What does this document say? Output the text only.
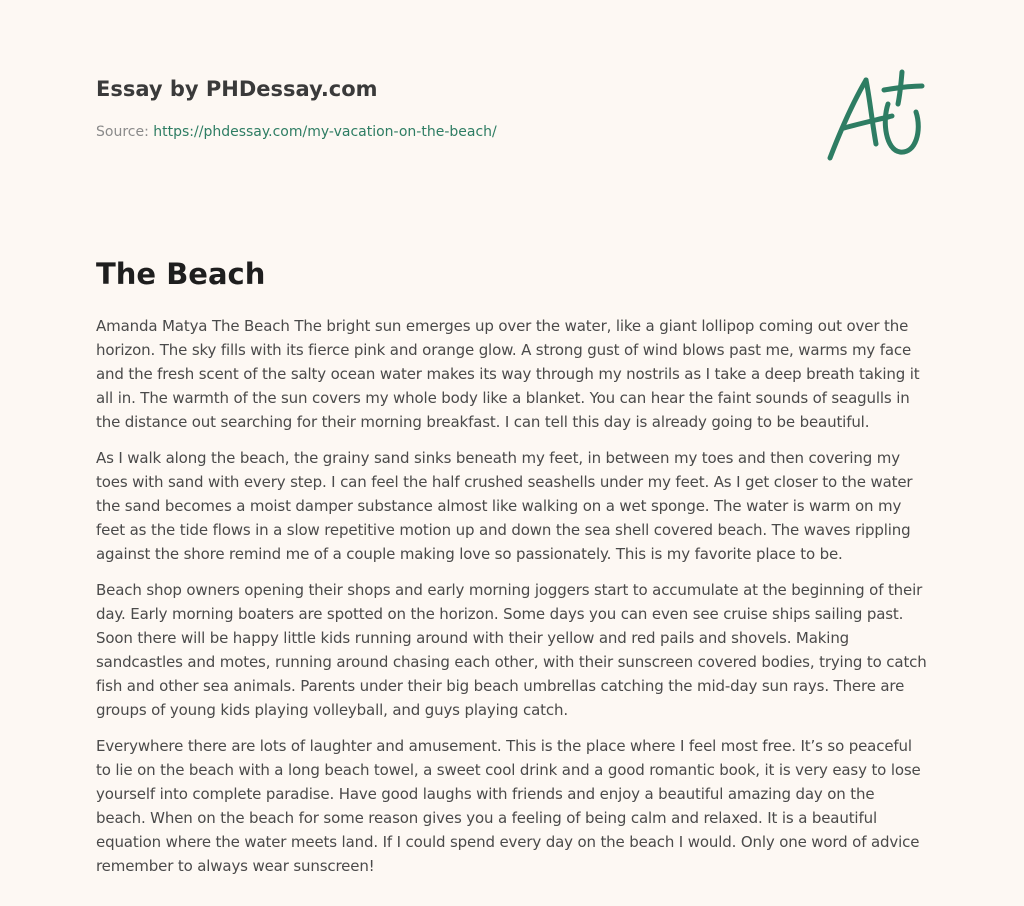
Essay by PHDessay.com
Source: https://phdessay.com/my-vacation-on-the-beach/
The Beach

Amanda Matya The Beach The bright sun emerges up over the water, like a giant lollipop coming out over the horizon. The sky fills with its fierce pink and orange glow. A strong gust of wind blows past me, warms my face and the fresh scent of the salty ocean water makes its way through my nostrils as I take a deep breath taking it all in. The warmth of the sun covers my whole body like a blanket. You can hear the faint sounds of seagulls in the distance out searching for their morning breakfast. I can tell this day is already going to be beautiful.

As I walk along the beach, the grainy sand sinks beneath my feet, in between my toes and then covering my toes with sand with every step. I can feel the half crushed seashells under my feet. As I get closer to the water the sand becomes a moist damper substance almost like walking on a wet sponge. The water is warm on my feet as the tide flows in a slow repetitive motion up and down the sea shell covered beach. The waves rippling against the shore remind me of a couple making love so passionately. This is my favorite place to be.

Beach shop owners opening their shops and early morning joggers start to accumulate at the beginning of their day. Early morning boaters are spotted on the horizon. Some days you can even see cruise ships sailing past. Soon there will be happy little kids running around with their yellow and red pails and shovels. Making sandcastles and motes, running around chasing each other, with their sunscreen covered bodies, trying to catch fish and other sea animals. Parents under their big beach umbrellas catching the mid-day sun rays. There are groups of young kids playing volleyball, and guys playing catch.

Everywhere there are lots of laughter and amusement. This is the place where I feel most free. It’s so peaceful to lie on the beach with a long beach towel, a sweet cool drink and a good romantic book, it is very easy to lose yourself into complete paradise. Have good laughs with friends and enjoy a beautiful amazing day on the beach. When on the beach for some reason gives you a feeling of being calm and relaxed. It is a beautiful equation where the water meets land. If I could spend every day on the beach I would. Only one word of advice remember to always wear sunscreen!
